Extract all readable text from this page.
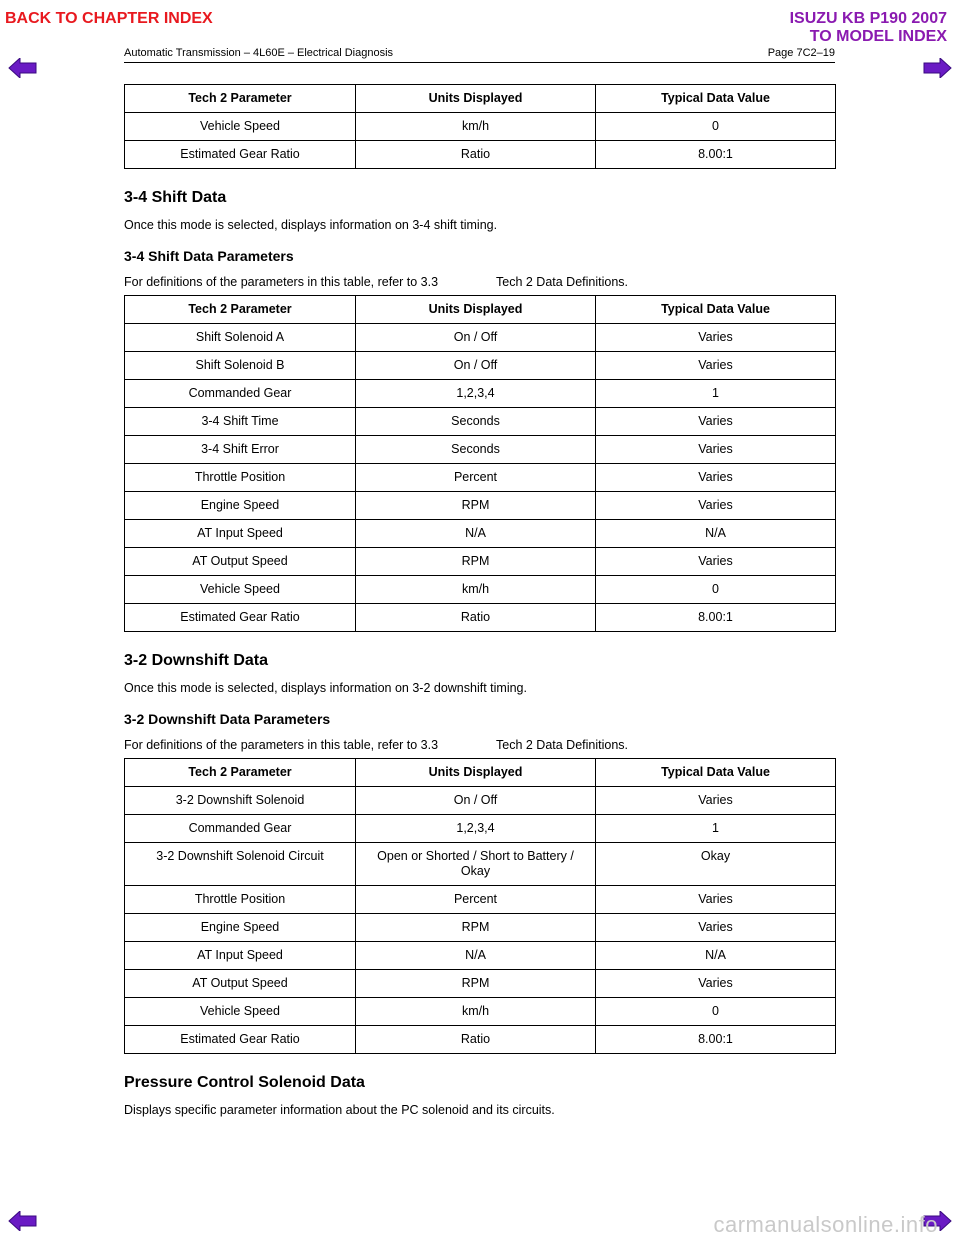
BACK TO CHAPTER INDEX	ISUZU KB P190 2007
TO MODEL INDEX
Automatic Transmission – 4L60E – Electrical Diagnosis	Page 7C2–19
Tech 2 Parameter	Units Displayed	Typical Data Value
Vehicle Speed	km/h	0
Estimated Gear Ratio	Ratio	8.00:1
3-4 Shift Data

Once this mode is selected, displays information on 3-4 shift timing.

3-4 Shift Data Parameters

For definitions of the parameters in this table, refer to 3.3	Tech 2 Data Definitions.

Tech 2 Parameter	Units Displayed	Typical Data Value
Shift Solenoid A	On / Off	Varies
Shift Solenoid B	On / Off	Varies
Commanded Gear	1,2,3,4	1
3-4 Shift Time	Seconds	Varies
3-4 Shift Error	Seconds	Varies
Throttle Position	Percent	Varies
Engine Speed	RPM	Varies
AT Input Speed	N/A	N/A
AT Output Speed	RPM	Varies
Vehicle Speed	km/h	0
Estimated Gear Ratio	Ratio	8.00:1
3-2 Downshift Data

Once this mode is selected, displays information on 3-2 downshift timing.

3-2 Downshift Data Parameters

For definitions of the parameters in this table, refer to 3.3	Tech 2 Data Definitions.

Tech 2 Parameter	Units Displayed	Typical Data Value
3-2 Downshift Solenoid	On / Off	Varies
Commanded Gear	1,2,3,4	1
3-2 Downshift Solenoid Circuit	Open or Shorted / Short to Battery / Okay	Okay
Throttle Position	Percent	Varies
Engine Speed	RPM	Varies
AT Input Speed	N/A	N/A
AT Output Speed	RPM	Varies
Vehicle Speed	km/h	0
Estimated Gear Ratio	Ratio	8.00:1
Pressure Control Solenoid Data

Displays specific parameter information about the PC solenoid and its circuits.

carmanualsonline.info
